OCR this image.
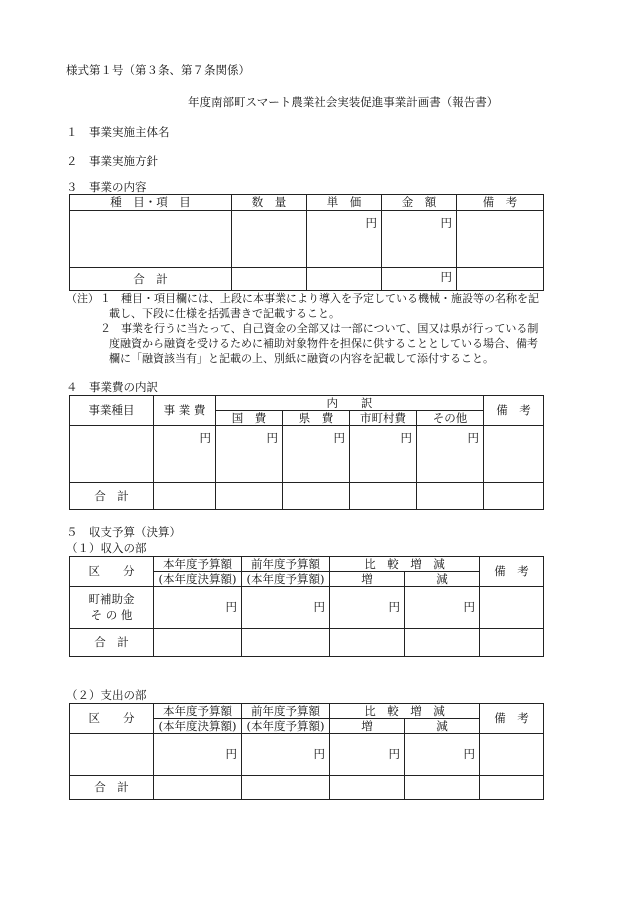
様式第１号（第３条、第７条関係）
年度南部町スマート農業社会実装促進事業計画書（報告書）
１　事業実施主体名
２　事業実施方針
３　事業の内容
種　目・項　目	数　量	単　価	金　額	備　考
		円	円	
合　計			円	
（注） １ 種目・項目欄には、上段に本事業により導入を予定している機械・施設等の名称を記
載し、下段に仕様を括弧書きで記載すること。
２ 事業を行うに当たって、自己資金の全部又は一部について、国又は県が行っている制
度融資から融資を受けるために補助対象物件を担保に供することとしている場合、備考
欄に「融資該当有」と記載の上、別紙に融資の内容を記載して添付すること。
４　事業費の内訳
事業種目	事 業 費	内　　訳				備　考
		国　費	県　費	市町村費	その他	
	円	円	円	円	円	
合　計						
５　収支予算（決算）
（１）収入の部
区　　分	本年度予算額	前年度予算額	比　較　増　減		備　考
	(本年度決算額)	(本年度予算額)	増	減	

町補助金
そ の 他	円	円	円	円	
合　計					
（２）支出の部
区　　分	本年度予算額	前年度予算額	比　較　増　減		備　考
	(本年度決算額)	(本年度予算額)	増	減	
	円	円	円	円	
合　計					
